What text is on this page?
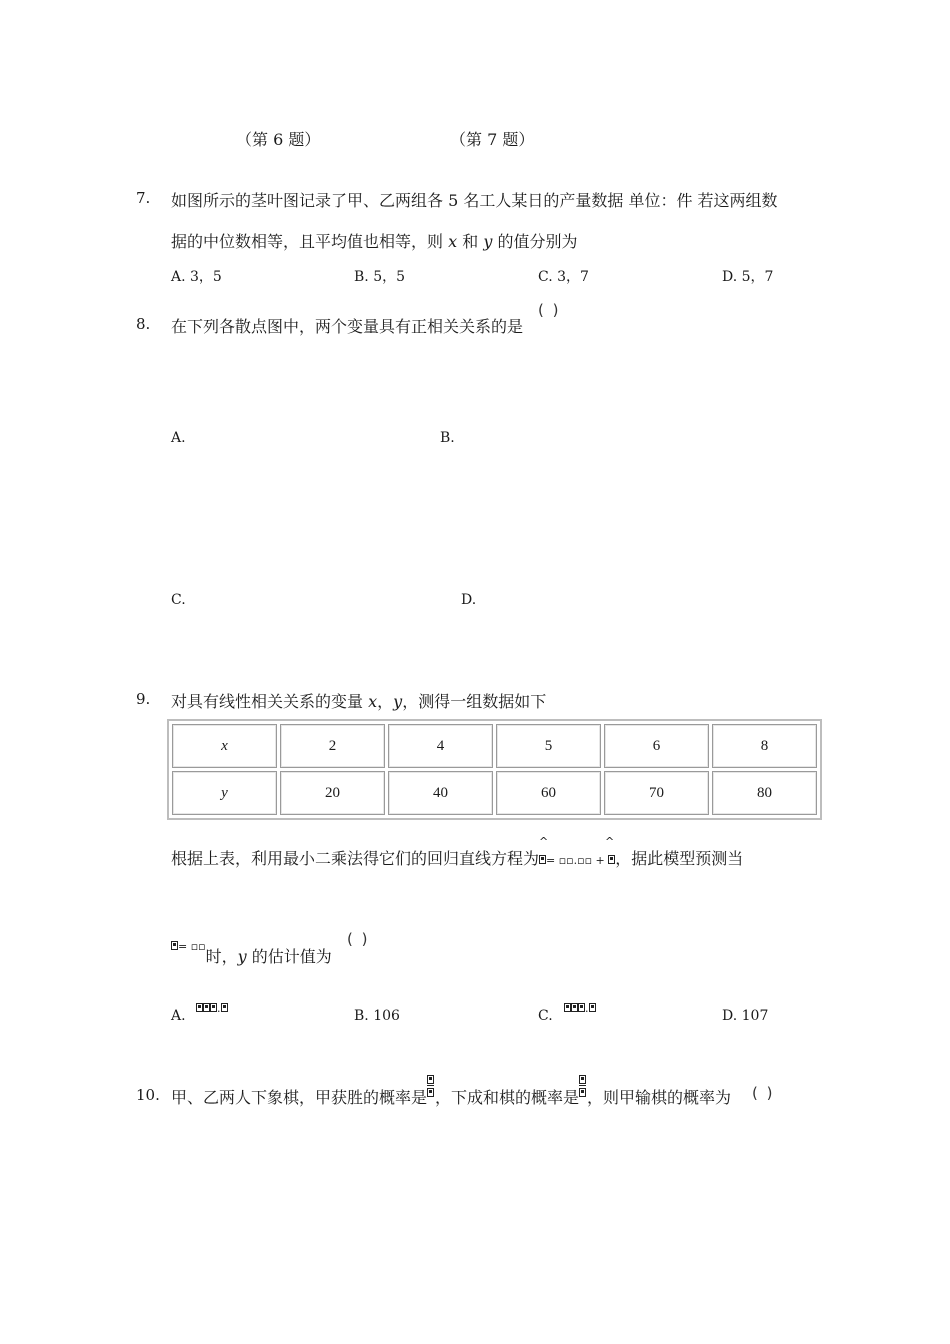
（第 6 题）	（第 7 题）
7. 如图所示的茎叶图记录了甲、乙两组各 5 名工人某日的产量数据 单位：件 若这两组数
据的中位数相等，且平均值也相等，则 x 和 y 的值分别为
A. 3，5	B. 5，5	C. 3，7	D. 5，7
8. 在下列各散点图中，两个变量具有正相关关系的是
( )
A.	B.
C.	D.
9. 对具有线性相关关系的变量 x，y，测得一组数据如下
x	2	4	5	6	8
y	20	40	60	70	80
根据上表，利用最小二乘法得它们的回归直线方程为
^
= ▫▫.▫▫ +
^
，据此模型预测当
= ▫▫时，y 的估计值为
( )
.
A.	B. 106	.
C.	D. 107
10. 甲、乙两人下象棋，甲获胜的概率是 ，下成和棋的概率是 ，则甲输棋的概率为 ( )
